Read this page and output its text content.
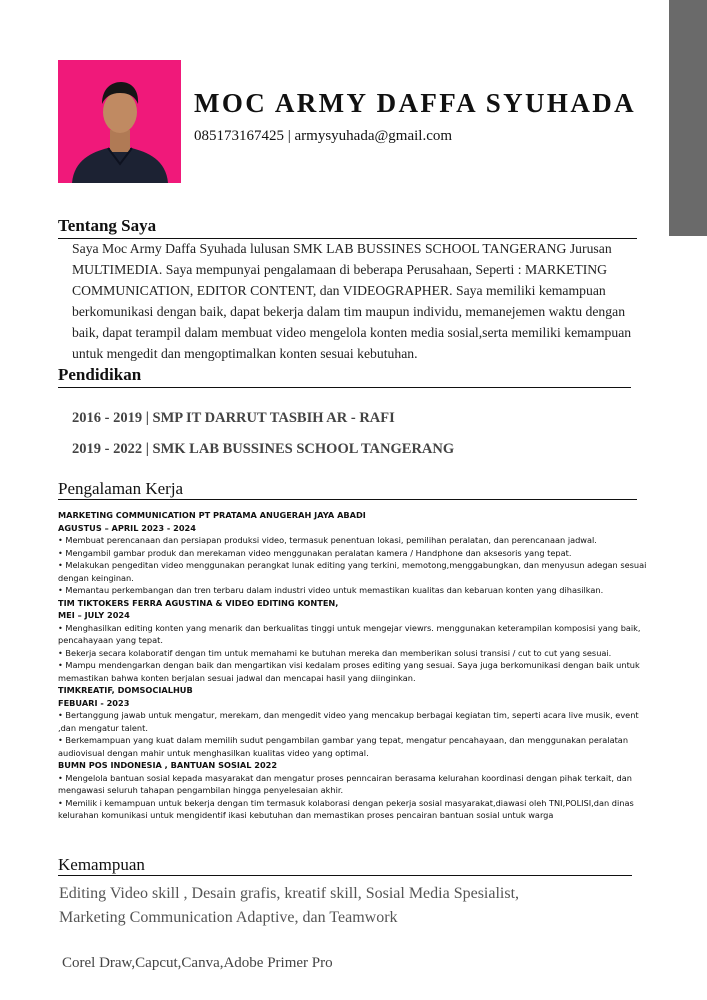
MOC ARMY DAFFA SYUHADA
085173167425 | armysyuhada@gmail.com
Tentang Saya

Saya Moc Army Daffa Syuhada lulusan SMK LAB BUSSINES SCHOOL TANGERANG Jurusan MULTIMEDIA. Saya mempunyai pengalamaan di beberapa Perusahaan, Seperti : MARKETING COMMUNICATION, EDITOR CONTENT, dan VIDEOGRAPHER. Saya memiliki kemampuan berkomunikasi dengan baik, dapat bekerja dalam tim maupun individu, memanejemen waktu dengan baik, dapat terampil dalam membuat video mengelola konten media sosial,serta memiliki kemampuan untuk mengedit dan mengoptimalkan konten sesuai kebutuhan.

Pendidikan

2016 - 2019 | SMP IT DARRUT TASBIH AR - RAFI

2019 - 2022 | SMK LAB BUSSINES SCHOOL TANGERANG

Pengalaman Kerja

MARKETING COMMUNICATION PT PRATAMA ANUGERAH JAYA ABADI

AGUSTUS – APRIL 2023 - 2024

• Membuat perencanaan dan persiapan produksi video, termasuk penentuan lokasi, pemilihan peralatan, dan perencanaan jadwal.

• Mengambil gambar produk dan merekaman video menggunakan peralatan kamera / Handphone dan aksesoris yang tepat.

• Melakukan pengeditan video menggunakan perangkat lunak editing yang terkini, memotong,menggabungkan, dan menyusun adegan sesuai dengan keinginan.

• Memantau perkembangan dan tren terbaru dalam industri video untuk memastikan kualitas dan kebaruan konten yang dihasilkan.

TIM TIKTOKERS FERRA AGUSTINA & VIDEO EDITING KONTEN,

MEI – JULY 2024

• Menghasilkan editing konten yang menarik dan berkualitas tinggi untuk mengejar viewrs. menggunakan keterampilan komposisi yang baik, pencahayaan yang tepat.

• Bekerja secara kolaboratif dengan tim untuk memahami ke butuhan mereka dan memberikan solusi transisi / cut to cut yang sesuai.

• Mampu mendengarkan dengan baik dan mengartikan visi kedalam proses editing yang sesuai. Saya juga berkomunikasi dengan baik untuk memastikan bahwa konten berjalan sesuai jadwal dan mencapai hasil yang diinginkan.

TIMKREATIF, DOMSOCIALHUB

FEBUARI - 2023

• Bertanggung jawab untuk mengatur, merekam, dan mengedit video yang mencakup berbagai kegiatan tim, seperti acara live musik, event ,dan mengatur talent.

• Berkemampuan yang kuat dalam memilih sudut pengambilan gambar yang tepat, mengatur pencahayaan, dan menggunakan peralatan audiovisual dengan mahir untuk menghasilkan kualitas video yang optimal.

BUMN POS INDONESIA , BANTUAN SOSIAL 2022

• Mengelola bantuan sosial kepada masyarakat dan mengatur proses penncairan berasama kelurahan koordinasi dengan pihak terkait, dan mengawasi seluruh tahapan pengambilan hingga penyelesaian akhir.

• Memilik i kemampuan untuk bekerja dengan tim termasuk kolaborasi dengan pekerja sosial masyarakat,diawasi oleh TNI,POLISI,dan dinas kelurahan komunikasi untuk mengidentif ikasi kebutuhan dan memastikan proses pencairan bantuan sosial untuk warga

Kemampuan
Editing Video skill , Desain grafis, kreatif skill, Sosial Media Spesialist,
Marketing Communication Adaptive, dan Teamwork

Corel Draw,Capcut,Canva,Adobe Primer Pro
